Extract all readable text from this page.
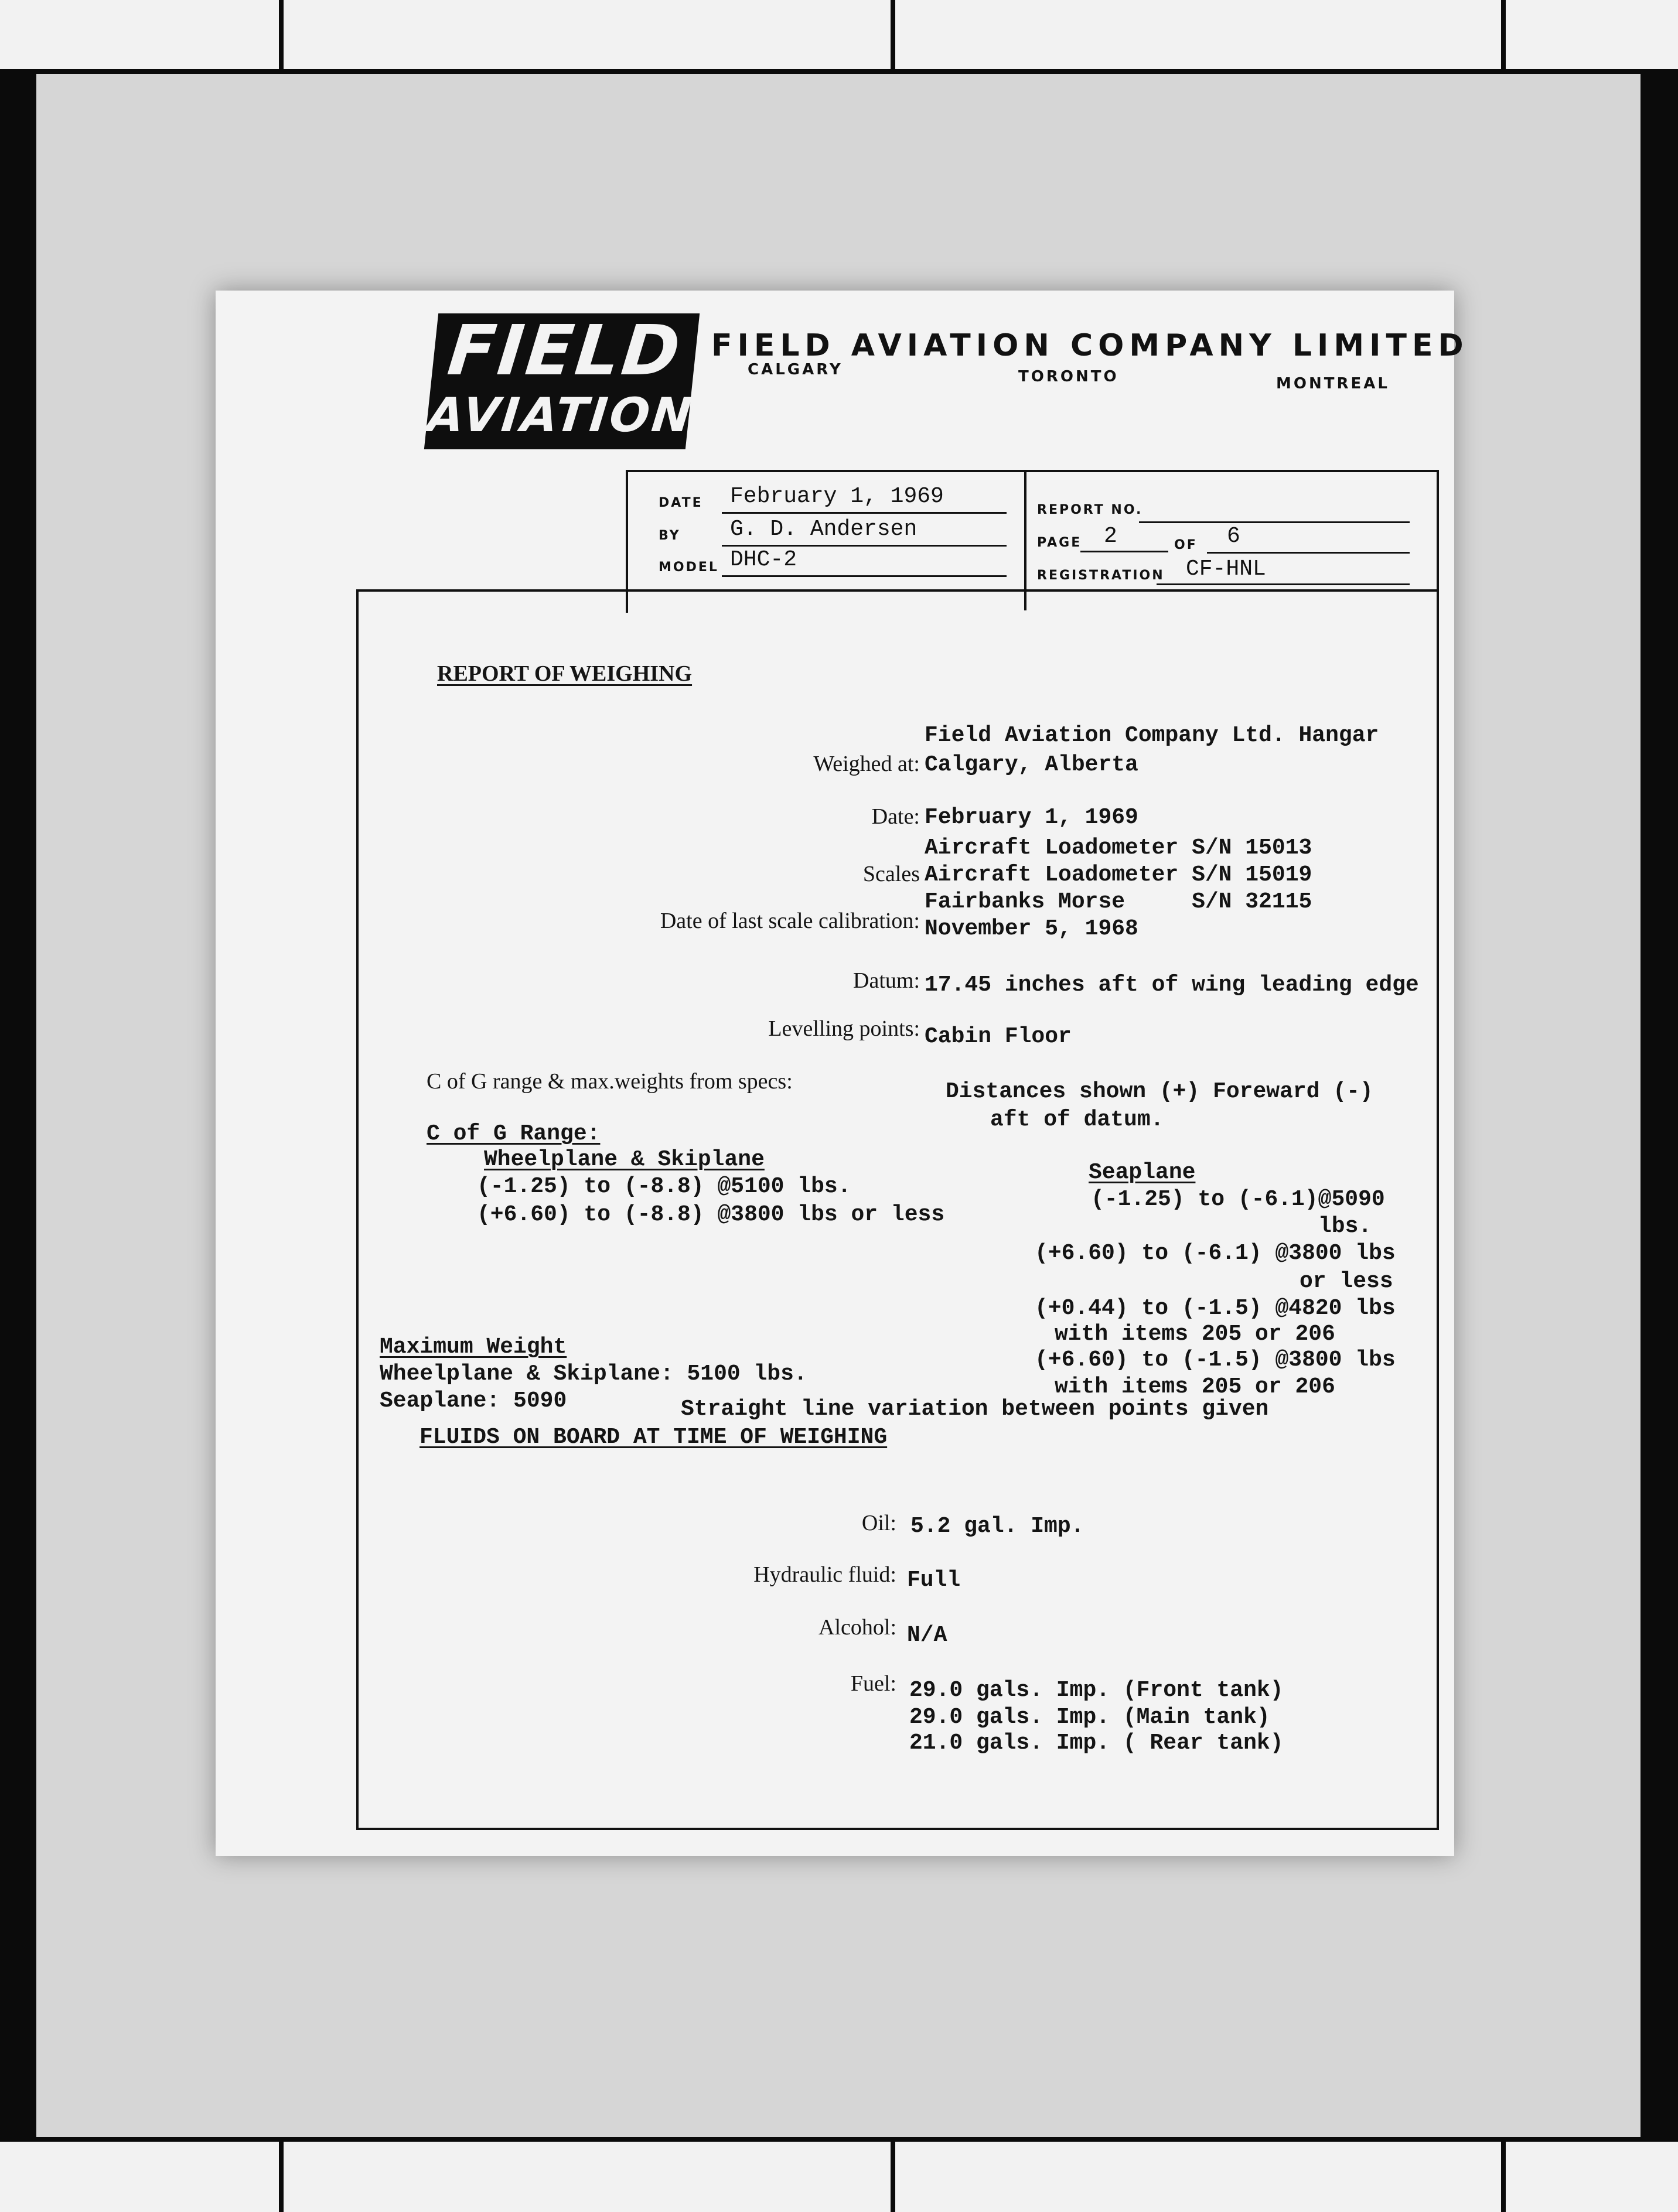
FIELD
AVIATION
FIELD AVIATION COMPANY LIMITED
CALGARY	TORONTO	MONTREAL
DATE February 1, 1969
BY G. D. Andersen
MODEL DHC-2
REPORT NO.
PAGE 2	OF 6
REGISTRATION CF-HNL
REPORT OF WEIGHING
Field Aviation Company Ltd. Hangar
Weighed at: Calgary, Alberta
Date: February 1, 1969
Aircraft Loadometer S/N 15013
Scales Aircraft Loadometer S/N 15019
Fairbanks Morse     S/N 32115
Date of last scale calibration: November 5, 1968
Datum: 17.45 inches aft of wing leading edge
Levelling points: Cabin Floor
C of G range & max.weights from specs:	Distances shown (+) Foreward (-)
aft of datum.
C of G Range:
Wheelplane & Skiplane
(-1.25) to (-8.8) @5100 lbs.
(+6.60) to (-8.8) @3800 lbs or less
Seaplane
(-1.25) to (-6.1)@5090
lbs.
(+6.60) to (-6.1) @3800 lbs
or less
(+0.44) to (-1.5) @4820 lbs
with items 205 or 206
(+6.60) to (-1.5) @3800 lbs
with items 205 or 206
Maximum Weight
Wheelplane & Skiplane: 5100 lbs.
Seaplane: 5090	Straight line variation between points given
FLUIDS ON BOARD AT TIME OF WEIGHING
Oil: 5.2 gal. Imp.
Hydraulic fluid: Full
Alcohol: N/A
Fuel: 29.0 gals. Imp. (Front tank)
29.0 gals. Imp. (Main tank)
21.0 gals. Imp. ( Rear tank)
